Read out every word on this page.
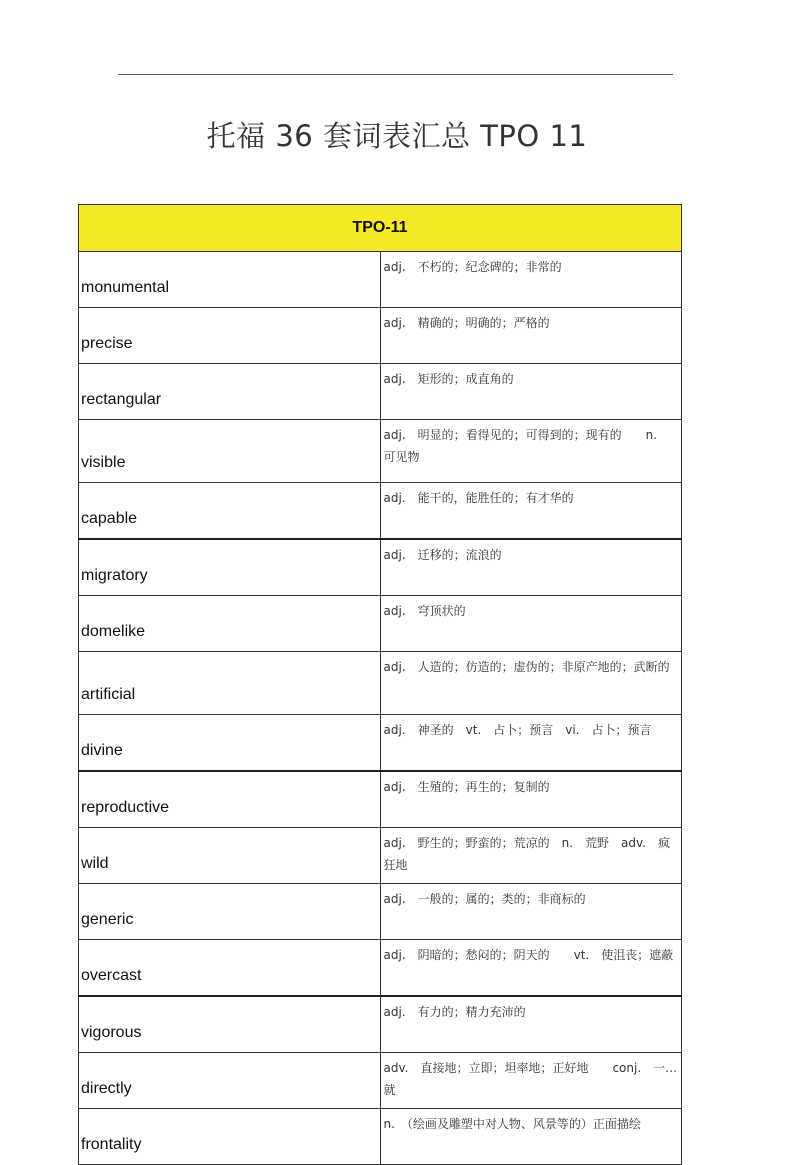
托福 36 套词表汇总 TPO 11
TPO-11	
monumental	adj.　不朽的；纪念碑的；非常的
precise	adj.　精确的；明确的；严格的
rectangular	adj.　矩形的；成直角的
visible	adj.　明显的；看得见的；可得到的；现有的　　n.　可见物
capable	adj.　能干的，能胜任的；有才华的
migratory	adj.　迁移的；流浪的
domelike	adj.　穹顶状的
artificial	adj.　人造的；仿造的；虚伪的；非原产地的；武断的
divine	adj.　神圣的　vt.　占卜；预言　vi.　占卜；预言
reproductive	adj.　生殖的；再生的；复制的
wild	adj.　野生的；野蛮的；荒凉的　n.　荒野　adv.　疯狂地
generic	adj.　一般的；属的；类的；非商标的
overcast	adj.　阴暗的；愁闷的；阴天的　　vt.　使沮丧；遮蔽
vigorous	adj.　有力的；精力充沛的
directly	adv.　直接地；立即；坦率地；正好地　　conj.　一…就
frontality	n.　（绘画及雕塑中对人物、风景等的）正面描绘
